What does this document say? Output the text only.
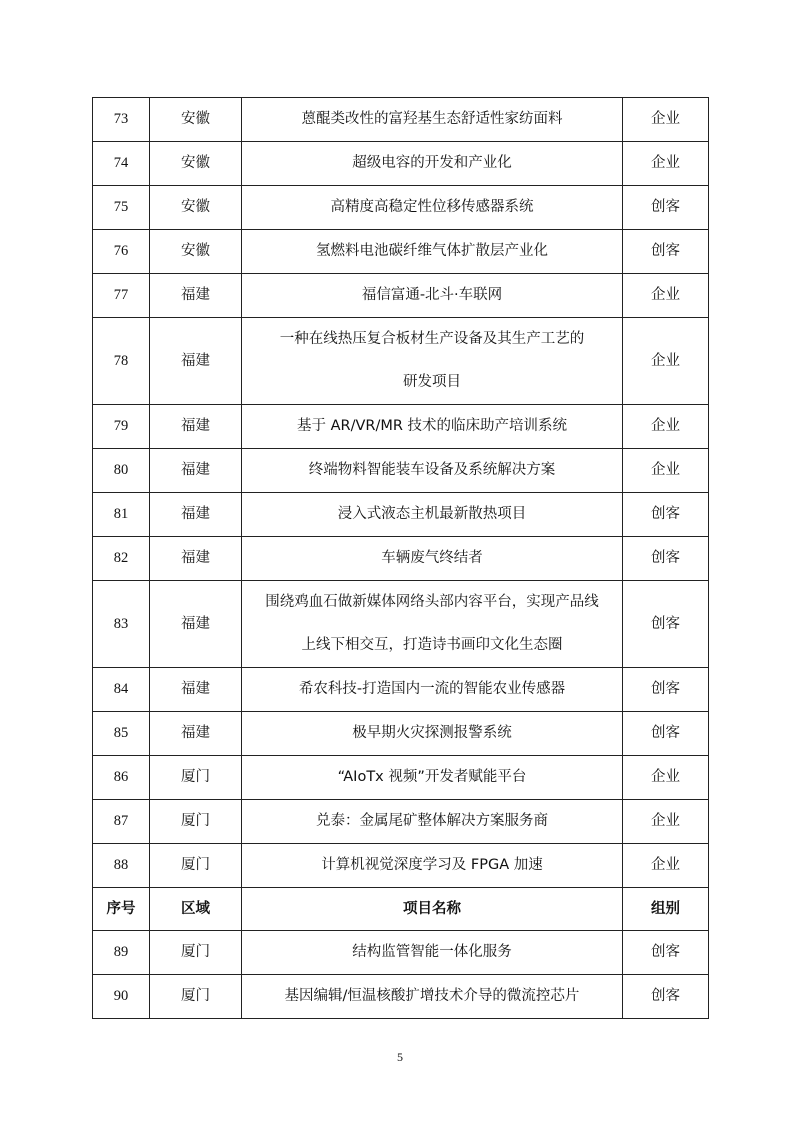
73	安徽	蒽醌类改性的富羟基生态舒适性家纺面料	企业
74	安徽	超级电容的开发和产业化	企业
75	安徽	高精度高稳定性位移传感器系统	创客
76	安徽	氢燃料电池碳纤维气体扩散层产业化	创客
77	福建	福信富通-北斗·车联网	企业
78	福建	一种在线热压复合板材生产设备及其生产工艺的
研发项目	企业
79	福建	基于 AR/VR/MR 技术的临床助产培训系统	企业
80	福建	终端物料智能装车设备及系统解决方案	企业
81	福建	浸入式液态主机最新散热项目	创客
82	福建	车辆废气终结者	创客
83	福建	围绕鸡血石做新媒体网络头部内容平台，实现产品线
上线下相交互，打造诗书画印文化生态圈	创客
84	福建	希农科技-打造国内一流的智能农业传感器	创客
85	福建	极早期火灾探测报警系统	创客
86	厦门	“AIoTx 视频”开发者赋能平台	企业
87	厦门	兑泰：金属尾矿整体解决方案服务商	企业
88	厦门	计算机视觉深度学习及 FPGA 加速	企业
序号	区域	项目名称	组别
89	厦门	结构监管智能一体化服务	创客
90	厦门	基因编辑/恒温核酸扩增技术介导的微流控芯片	创客
5
